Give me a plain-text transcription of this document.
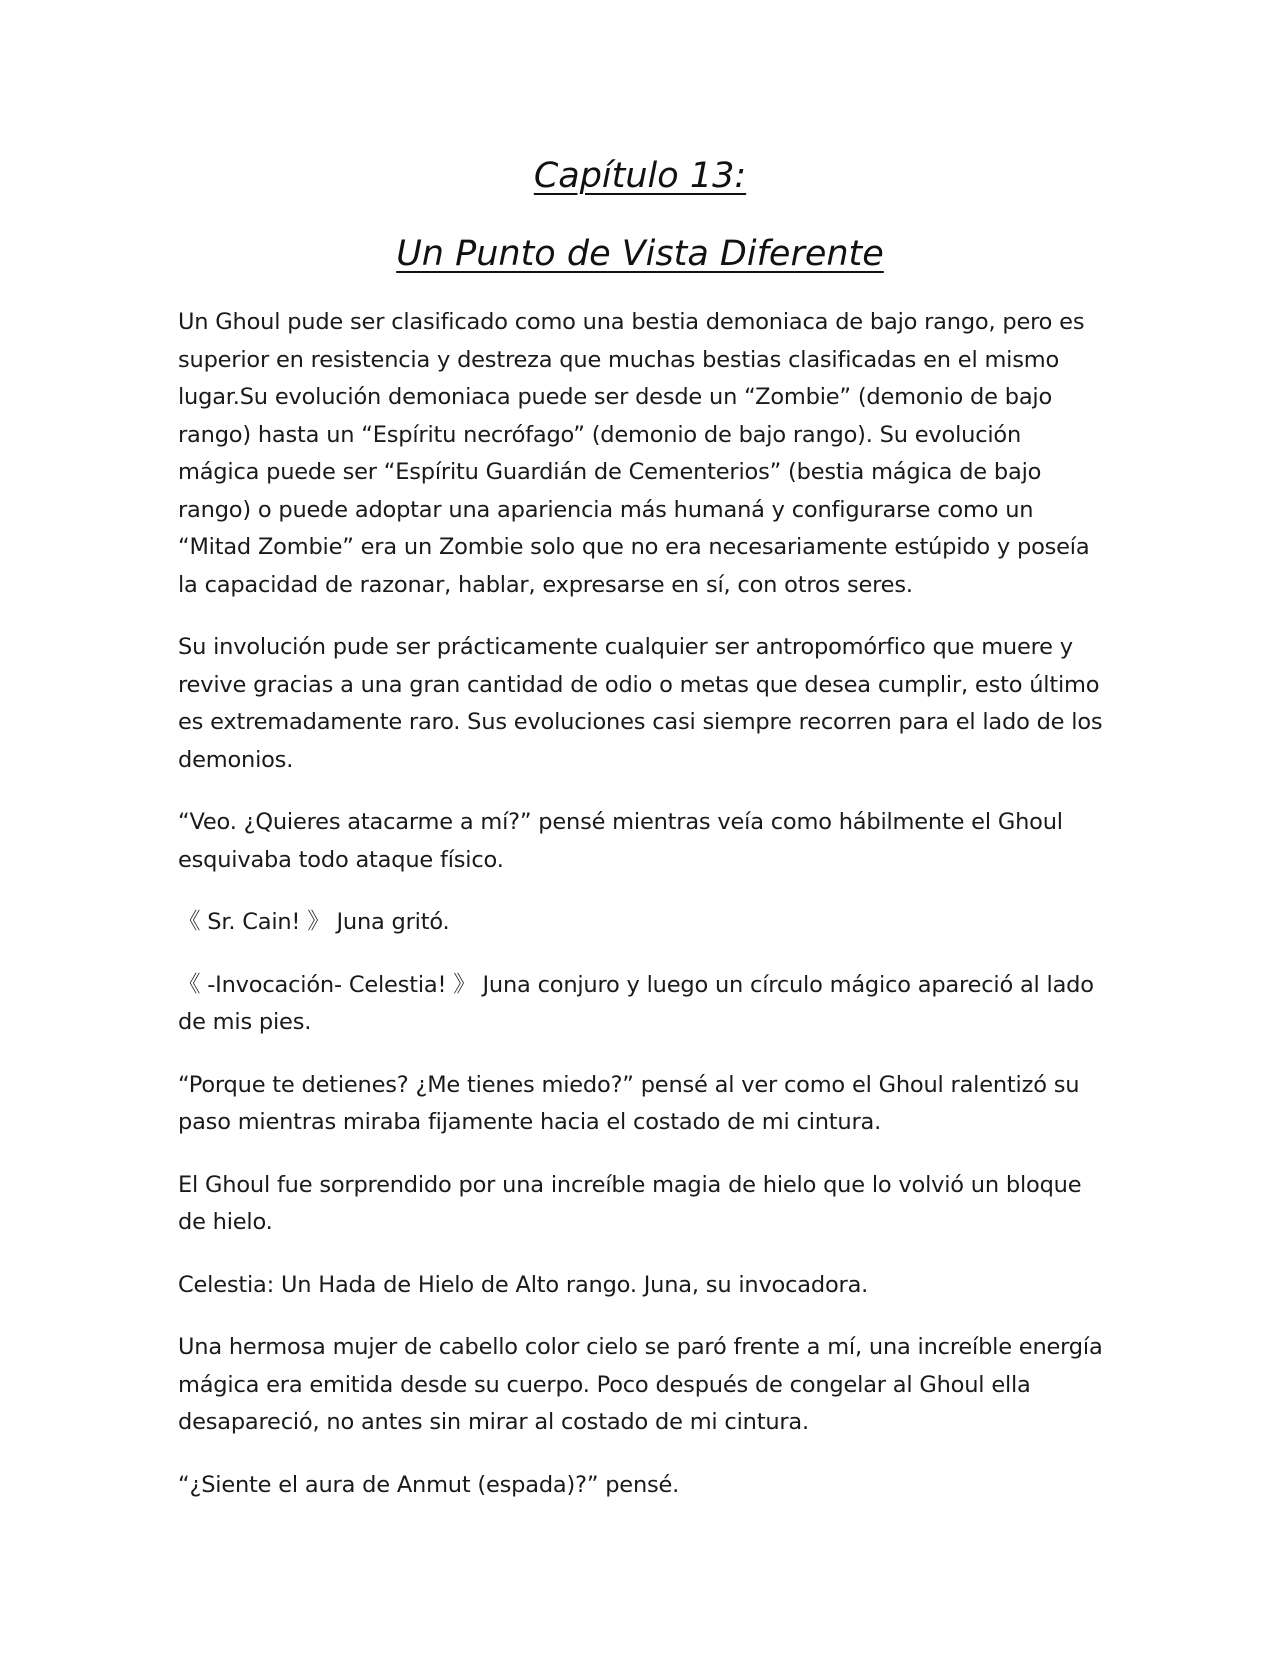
Capítulo 13:
Un Punto de Vista Diferente

Un Ghoul pude ser clasificado como una bestia demoniaca de bajo rango, pero es superior en resistencia y destreza que muchas bestias clasificadas en el mismo lugar.Su evolución demoniaca puede ser desde un “Zombie” (demonio de bajo rango) hasta un “Espíritu necrófago” (demonio de bajo rango). Su evolución mágica puede ser “Espíritu Guardián de Cementerios” (bestia mágica de bajo rango) o puede adoptar una apariencia más humaná y configurarse como un “Mitad Zombie” era un Zombie solo que no era necesariamente estúpido y poseía la capacidad de razonar, hablar, expresarse en sí, con otros seres.

Su involución pude ser prácticamente cualquier ser antropomórfico que muere y revive gracias a una gran cantidad de odio o metas que desea cumplir, esto último es extremadamente raro. Sus evoluciones casi siempre recorren para el lado de los demonios.

“Veo. ¿Quieres atacarme a mí?” pensé mientras veía como hábilmente el Ghoul esquivaba todo ataque físico.

《 Sr. Cain! 》 Juna gritó.

《 -Invocación- Celestia! 》 Juna conjuro y luego un círculo mágico apareció al lado de mis pies.

“Porque te detienes? ¿Me tienes miedo?” pensé al ver como el Ghoul ralentizó su paso mientras miraba fijamente hacia el costado de mi cintura.

El Ghoul fue sorprendido por una increíble magia de hielo que lo volvió un bloque de hielo.

Celestia: Un Hada de Hielo de Alto rango. Juna, su invocadora.

Una hermosa mujer de cabello color cielo se paró frente a mí, una increíble energía mágica era emitida desde su cuerpo. Poco después de congelar al Ghoul ella desapareció, no antes sin mirar al costado de mi cintura.

“¿Siente el aura de Anmut (espada)?” pensé.
